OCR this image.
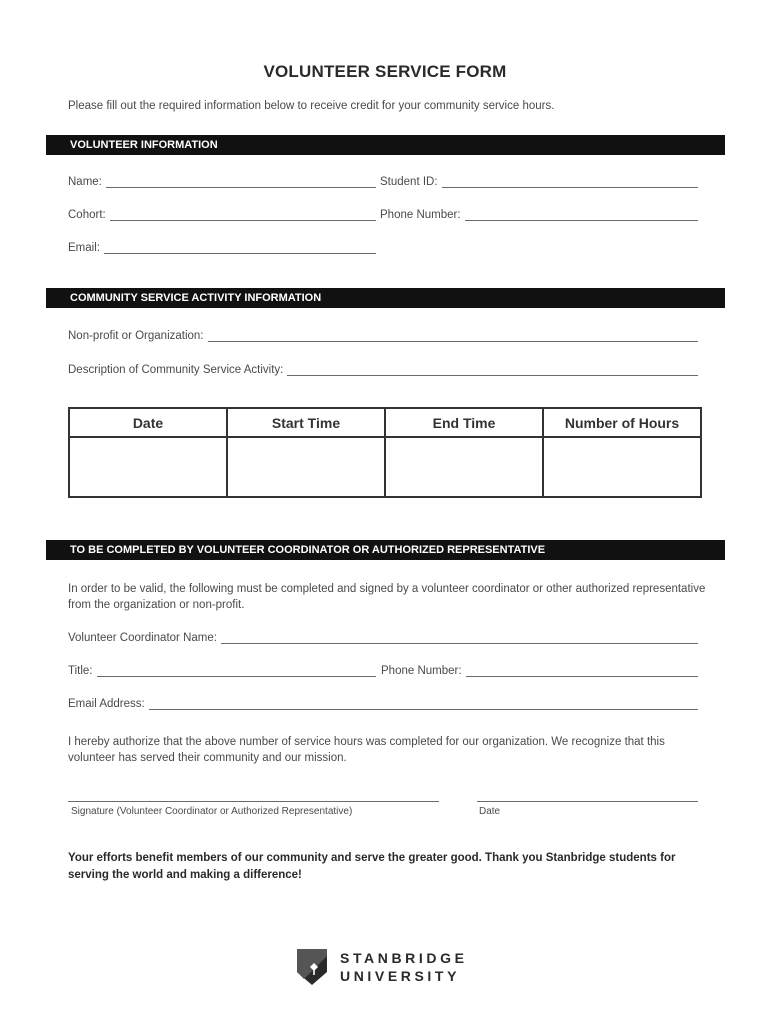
VOLUNTEER SERVICE FORM
Please fill out the required information below to receive credit for your community service hours.
VOLUNTEER INFORMATION
Name:	Student ID:
Cohort:	Phone Number:
Email:
COMMUNITY SERVICE ACTIVITY INFORMATION
Non-profit or Organization:
Description of Community Service Activity:
Date	Start Time	End Time	Number of Hours

TO BE COMPLETED BY VOLUNTEER COORDINATOR OR AUTHORIZED REPRESENTATIVE
In order to be valid, the following must be completed and signed by a volunteer coordinator or other authorized representative from the organization or non-profit.
Volunteer Coordinator Name:
Title:	Phone Number:
Email Address:
I hereby authorize that the above number of service hours was completed for our organization. We recognize that this volunteer has served their community and our mission.
Signature (Volunteer Coordinator or Authorized Representative)	Date
Your efforts benefit members of our community and serve the greater good. Thank you Stanbridge students for serving the world and making a difference!
STANBRIDGE
UNIVERSITY
